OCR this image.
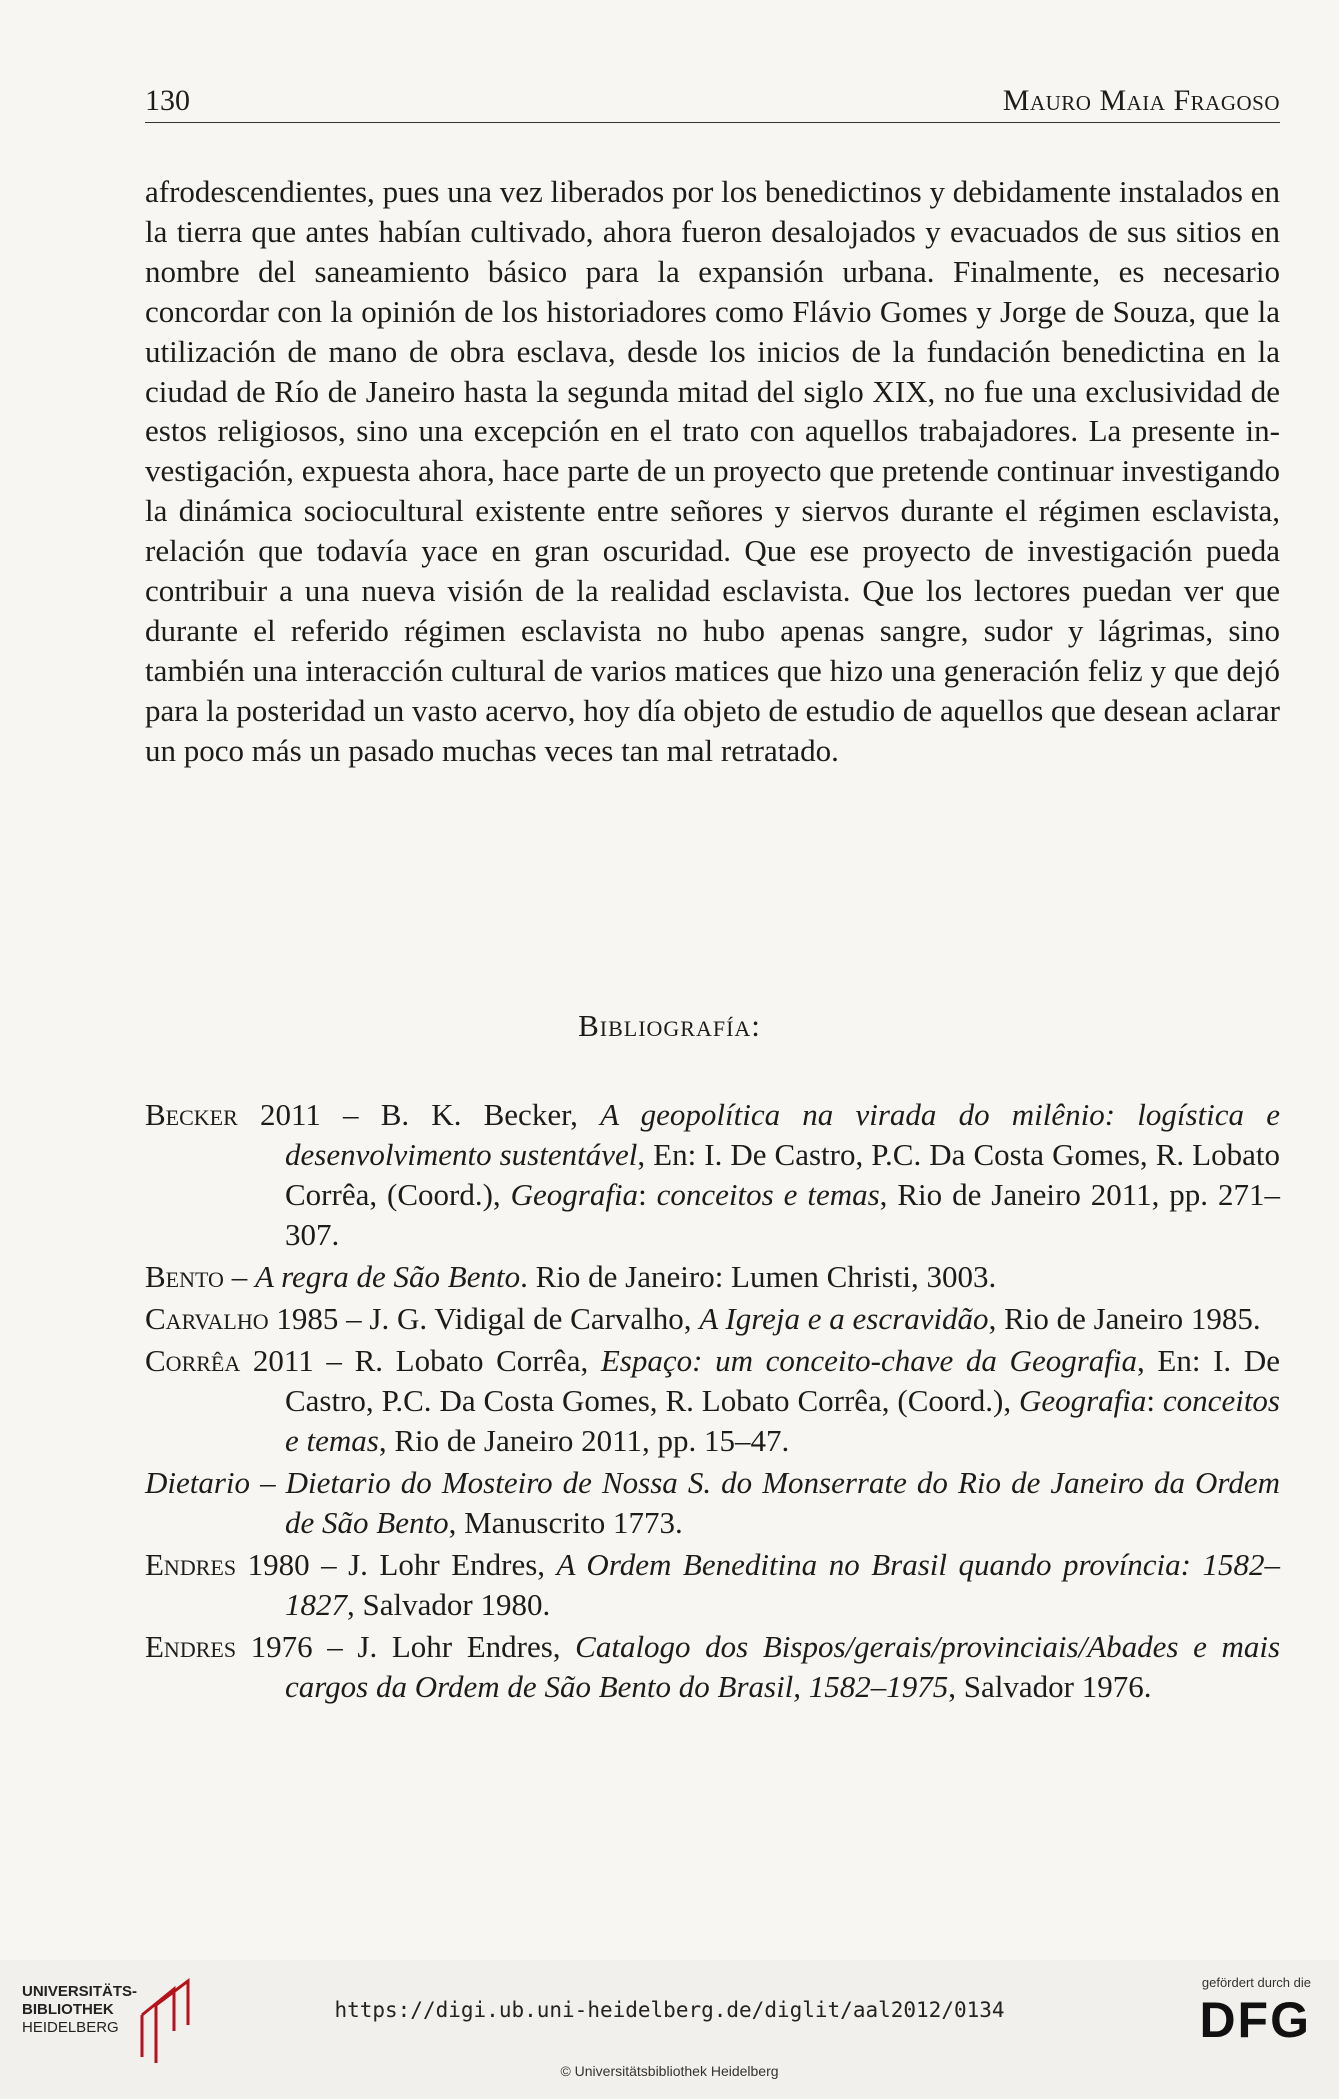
130	Mauro Maia Fragoso

afrodescendientes, pues una vez liberados por los benedictinos y debidamente instalados en la tierra que antes habían cultivado, ahora fueron desalojados y evacuados de sus sitios en nombre del saneamiento básico para la expansión urbana. Finalmente, es necesario concordar con la opinión de los historiadores como Flávio Gomes y Jorge de Souza, que la utilización de mano de obra esclava, desde los inicios de la fundación benedictina en la ciudad de Río de Janeiro hasta la segunda mitad del siglo XIX, no fue una exclusividad de estos religiosos, sino una excepción en el trato con aquellos trabajadores. La presente investigación, expuesta ahora, hace parte de un proyecto que pretende continuar investigando la dinámica sociocultural existente entre señores y siervos durante el régimen esclavista, relación que todavía yace en gran oscuridad. Que ese proyecto de investigación pueda contribuir a una nueva visión de la realidad esclavista. Que los lectores puedan ver que durante el referido régimen esclavista no hubo apenas sangre, sudor y lágrimas, sino también una interacción cultural de varios matices que hizo una generación feliz y que dejó para la posteridad un vasto acervo, hoy día objeto de estudio de aquellos que desean aclarar un poco más un pasado muchas veces tan mal retratado.

Bibliografía:
Becker 2011 – B. K. Becker, A geopolítica na virada do milênio: logística e desenvolvimento sustentável, En: I. De Castro, P.C. Da Costa Gomes, R. Lobato Corrêa, (Coord.), Geografia: conceitos e temas, Rio de Janeiro 2011, pp. 271–307.
Bento – A regra de São Bento. Rio de Janeiro: Lumen Christi, 3003.
Carvalho 1985 – J. G. Vidigal de Carvalho, A Igreja e a escravidão, Rio de Janeiro 1985.
Corrêa 2011 – R. Lobato Corrêa, Espaço: um conceito-chave da Geografia, En: I. De Castro, P.C. Da Costa Gomes, R. Lobato Corrêa, (Coord.), Geografia: conceitos e temas, Rio de Janeiro 2011, pp. 15–47.
Dietario – Dietario do Mosteiro de Nossa S. do Monserrate do Rio de Janeiro da Ordem de São Bento, Manuscrito 1773.
Endres 1980 – J. Lohr Endres, A Ordem Beneditina no Brasil quando província: 1582–1827, Salvador 1980.
Endres 1976 – J. Lohr Endres, Catalogo dos Bispos/gerais/provinciais/Abades e mais cargos da Ordem de São Bento do Brasil, 1582–1975, Salvador 1976.
UNIVERSITÄTS-
BIBLIOTHEK
HEIDELBERG
https://digi.ub.uni-heidelberg.de/diglit/aal2012/0134
© Universitätsbibliothek Heidelberg
gefördert durch die
DFG
